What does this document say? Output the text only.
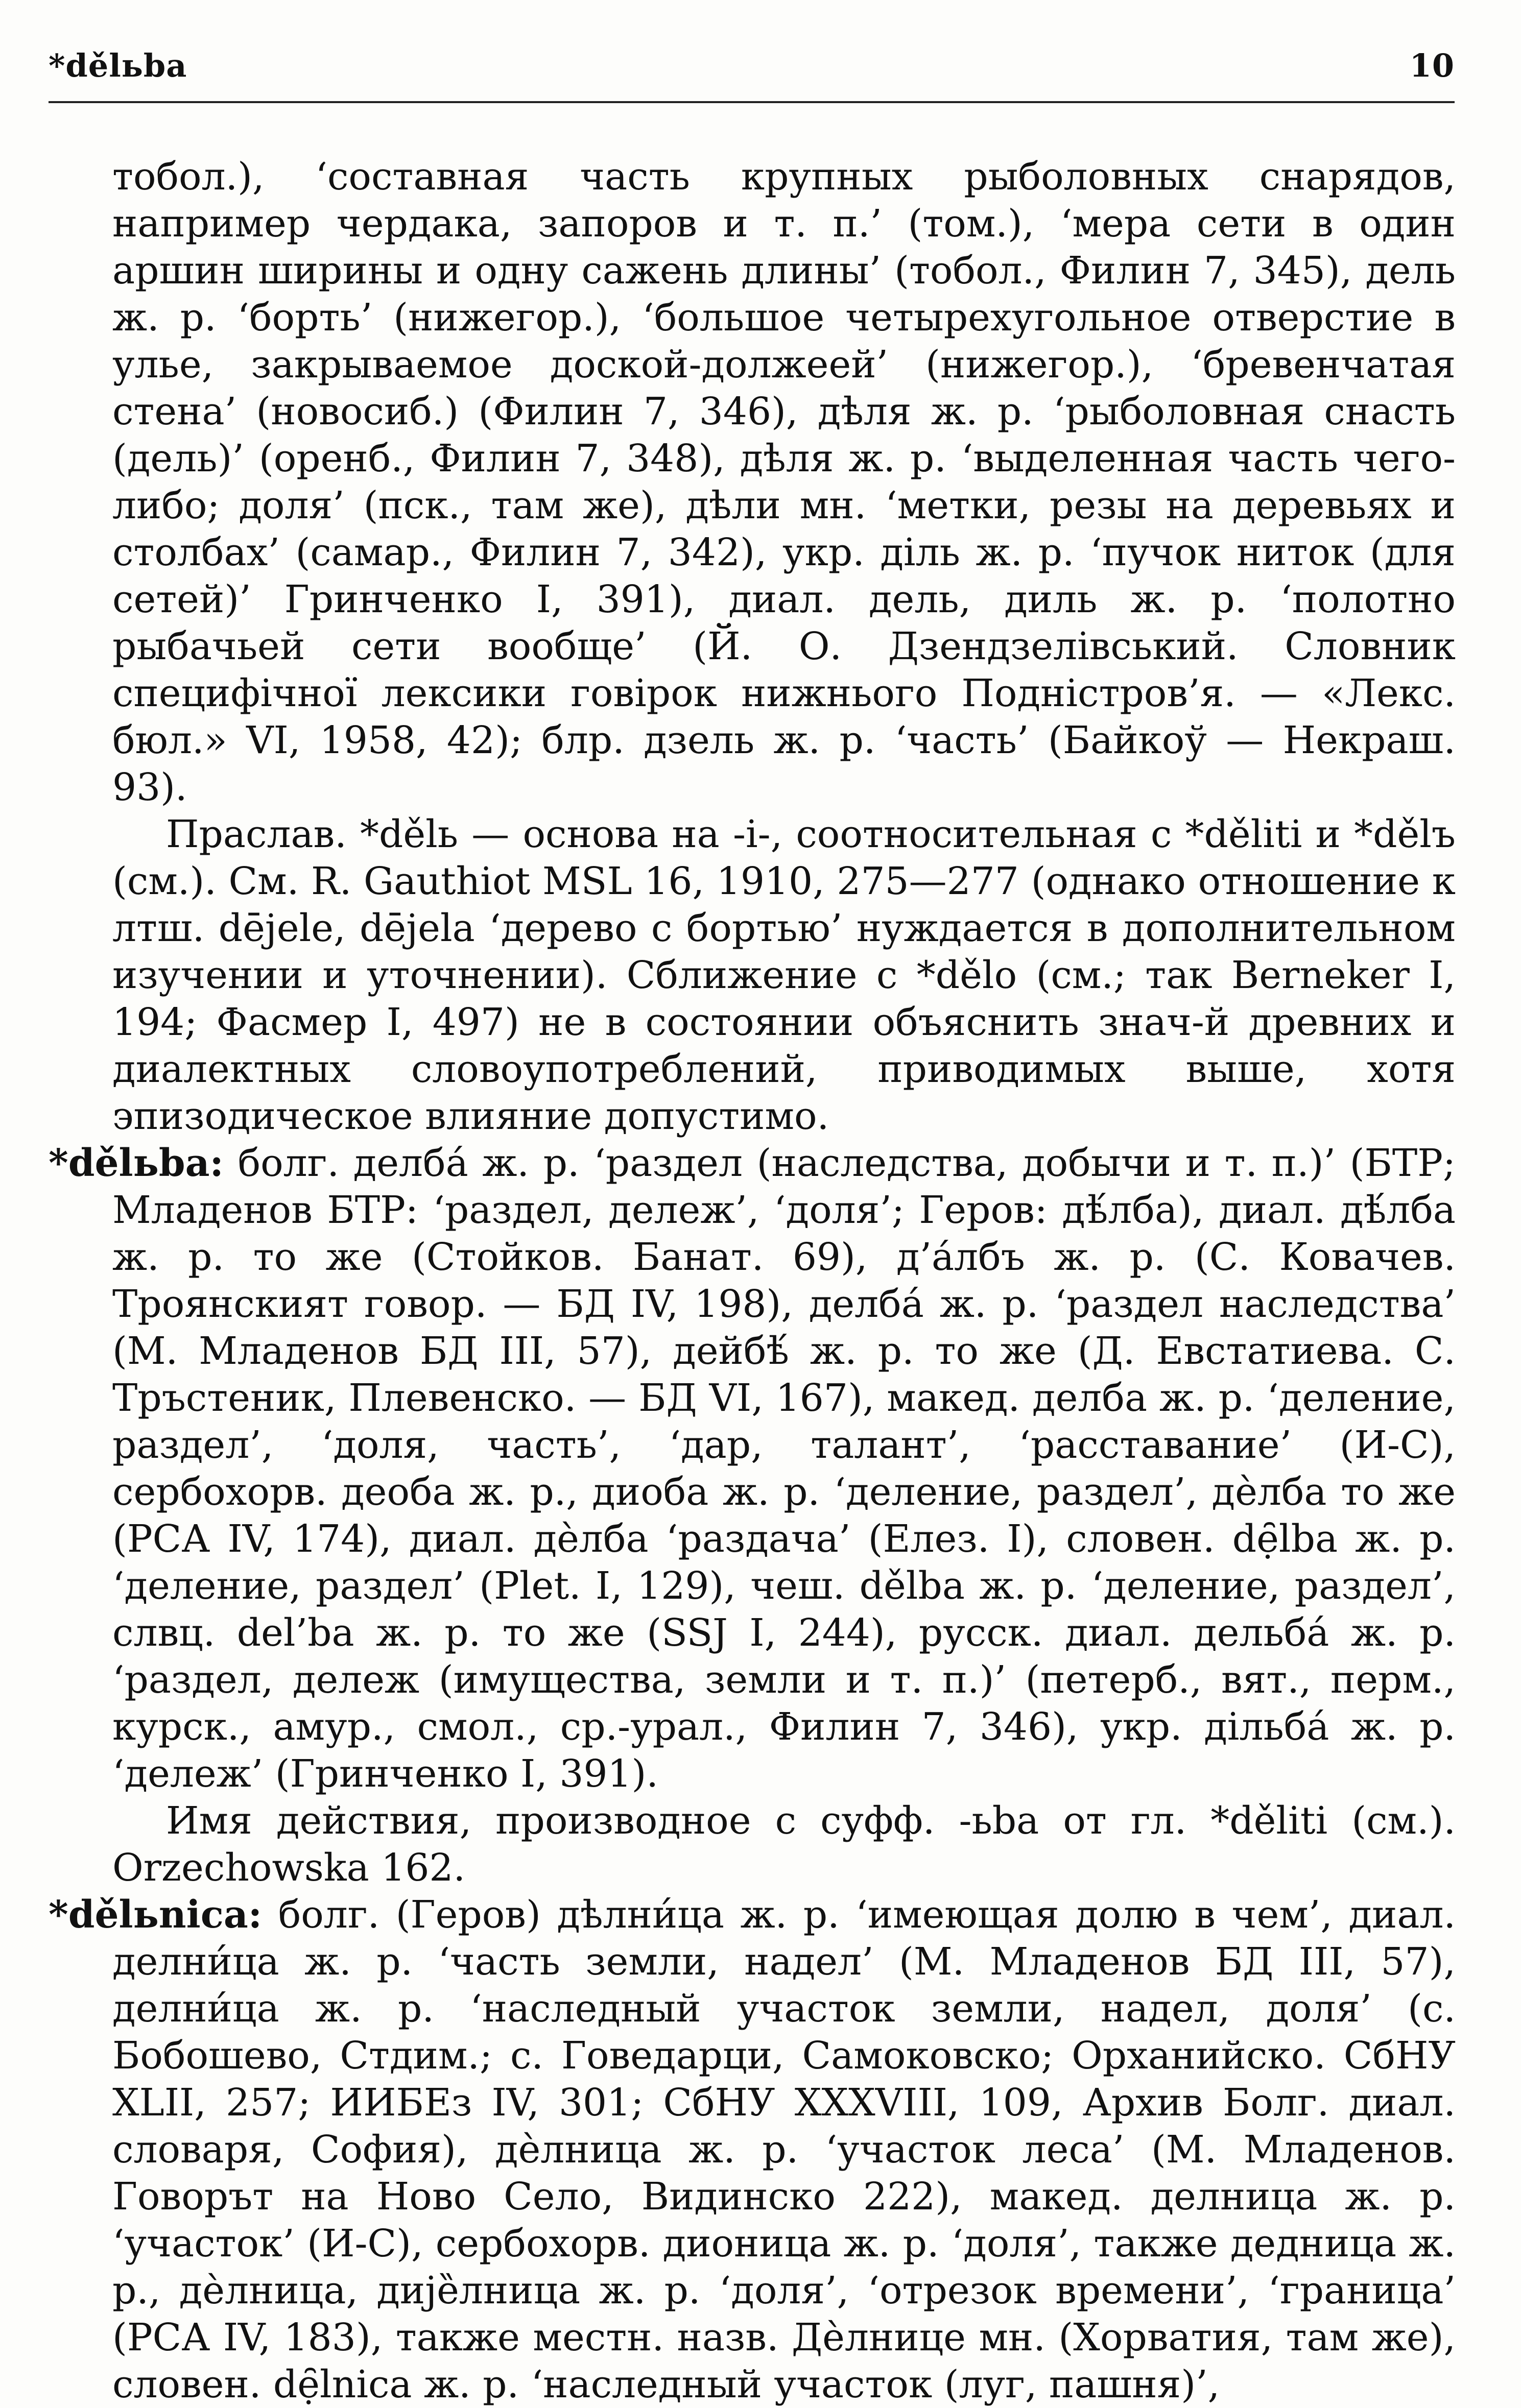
*dělьba	10

тобол.), ‘составная часть крупных рыболовных снарядов, например чердака, запоров и т. п.’ (том.), ‘мера сети в один аршин ширины и одну сажень длины’ (тобол., Филин 7, 345), дель ж. р. ‘борть’ (нижегор.), ‘большое четырехугольное отверстие в улье, закрываемое доской-должеей’ (нижегор.), ‘бревенчатая стена’ (новосиб.) (Филин 7, 346), дѣля ж. р. ‘рыболовная снасть (дель)’ (оренб., Филин 7, 348), дѣля ж. р. ‘выделенная часть чего-либо; доля’ (пск., там же), дѣли мн. ‘метки, резы на деревьях и столбах’ (самар., Филин 7, 342), укр. діль ж. р. ‘пучок ниток (для сетей)’ Гринченко I, 391), диал. дель, диль ж. р. ‘полотно рыбачьей сети вообще’ (Й. О. Дзендзелівський. Словник специфічної лексики говірок нижнього Подністров’я. — «Лекс. бюл.» VI, 1958, 42); блр. дзель ж. р. ‘часть’ (Байкоў — Некраш. 93).

Праслав. *dělь — основа на -i-, соотносительная с *děliti и *dělъ (см.). См. R. Gauthiot MSL 16, 1910, 275—277 (однако отношение к лтш. dējele, dējela ‘дерево с бортью’ нуждается в дополнительном изучении и уточнении). Сближение с *dělo (см.; так Berneker I, 194; Фасмер I, 497) не в состоянии объяснить знач-й древних и диалектных словоупотреблений, приводимых выше, хотя эпизодическое влияние допустимо.

*dělьba: болг. делба́ ж. р. ‘раздел (наследства, добычи и т. п.)’ (БТР; Младенов БТР: ‘раздел, дележ’, ‘доля’; Геров: дѣ́лба), диал. дѣ́лба ж. р. то же (Стойков. Банат. 69), д’а́лбъ ж. р. (С. Ковачев. Троянският говор. — БД IV, 198), делба́ ж. р. ‘раздел наследства’ (М. Младенов БД III, 57), дейбѣ́ ж. р. то же (Д. Евстатиева. С. Тръстеник, Плевенско. — БД VI, 167), макед. делба ж. р. ‘деление, раздел’, ‘доля, часть’, ‘дар, талант’, ‘расставание’ (И-С), сербохорв. деoба ж. р., диоба ж. р. ‘деление, раздел’, дѐлба то же (РСА IV, 174), диал. дѐлба ‘раздача’ (Елез. I), словен. dẹ̑lba ж. р. ‘деление, раздел’ (Plet. I, 129), чеш. dělba ж. р. ‘деление, раздел’, слвц. del’ba ж. р. то же (SSJ I, 244), русск. диал. дельба́ ж. р. ‘раздел, дележ (имущества, земли и т. п.)’ (петерб., вят., перм., курск., амур., смол., ср.-урал., Филин 7, 346), укр. дільба́ ж. р. ‘дележ’ (Гринченко I, 391).

Имя действия, производное с суфф. -ьba от гл. *děliti (см.). Orzechowska 162.

*dělьnica: болг. (Геров) дѣлни́ца ж. р. ‘имеющая долю в чем’, диал. делни́ца ж. р. ‘часть земли, надел’ (М. Младенов БД III, 57), делни́ца ж. р. ‘наследный участок земли, надел, доля’ (с. Бобошево, Стдим.; с. Говедарци, Самоковско; Орханийско. СбНУ XLII, 257; ИИБЕз IV, 301; СбНУ XXXVIII, 109, Архив Болг. диал. словаря, София), дѐлница ж. р. ‘участок леса’ (М. Младенов. Говорът на Ново Село, Видинско 222), макед. делница ж. р. ‘участок’ (И-С), сербохорв. диoница ж. р. ‘доля’, также дедница ж. р., дѐлница, дије̏лница ж. р. ‘доля’, ‘отрезок времени’, ‘граница’ (РСА IV, 183), также местн. назв. Дѐлнице мн. (Хорватия, там же), словен. dẹ̑lnica ж. р. ‘наследный участок (луг, пашня)’,
